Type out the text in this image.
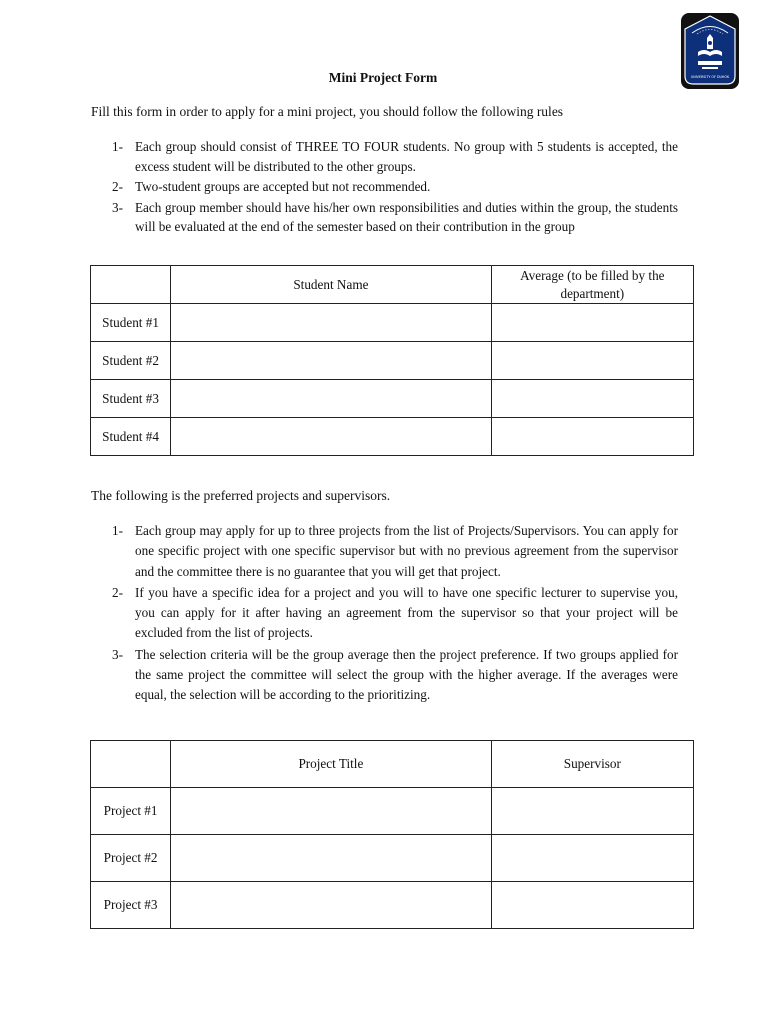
UNIVERSITY OF DUHOK
Mini Project Form
Fill this form in order to apply for a mini project, you should follow the following rules
1- Each group should consist of THREE TO FOUR students. No group with 5 students is accepted, the excess student will be distributed to the other groups.
2- Two-student groups are accepted but not recommended.
3- Each group member should have his/her own responsibilities and duties within the group, the students will be evaluated at the end of the semester based on their contribution in the group
	Student Name	Average (to be filled by the department)
Student #1		
Student #2		
Student #3		
Student #4		
The following is the preferred projects and supervisors.
1- Each group may apply for up to three projects from the list of Projects/Supervisors. You can apply for one specific project with one specific supervisor but with no previous agreement from the supervisor and the committee there is no guarantee that you will get that project.
2- If you have a specific idea for a project and you will to have one specific lecturer to supervise you, you can apply for it after having an agreement from the supervisor so that your project will be excluded from the list of projects.
3- The selection criteria will be the group average then the project preference. If two groups applied for the same project the committee will select the group with the higher average. If the averages were equal, the selection will be according to the prioritizing.
	Project Title	Supervisor
Project #1		
Project #2		
Project #3		
